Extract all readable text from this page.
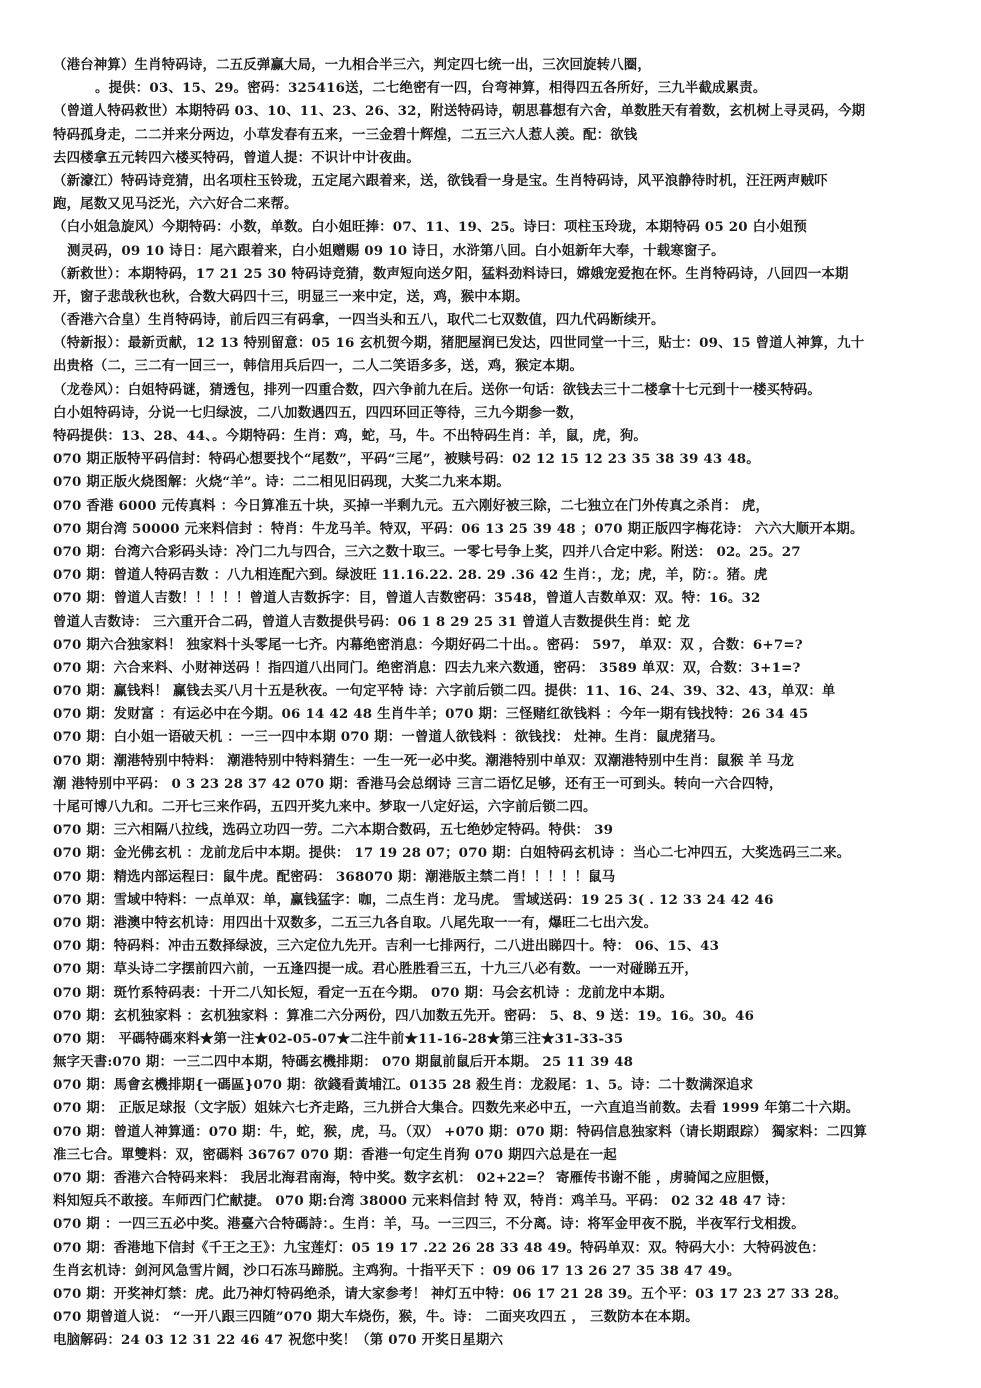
（港台神算）生肖特码诗，二五反弹赢大局，一九相合半三六，判定四七统一出，三次回旋转八圈，
。提供：03、15、29。密码：325416送，二七绝密有一四，台弯神算，相得四五各所好，三九半截成累责。
（曾道人特码救世）本期特码 03、10、11、23、26、32，附送特码诗，朝思暮想有六舍，单数胜天有着数，玄机树上寻灵码，今期
特码孤身走，二二并来分两边，小草发春有五来，一三金碧十辉煌，二五三六人惹人羡。配：欲钱
去四楼拿五元转四六楼买特码，曾道人提：不识计中计夜曲。
（新濠江）特码诗竞猜，出名项柱玉铃珑，五定尾六跟着来，送，欲钱看一身是宝。生肖特码诗，风平浪静待时机，汪汪两声贼吓
跑，尾数又见马泛光，六六好合二来帮。
（白小姐急旋风）今期特码：小数，单数。白小姐旺捧：07、11、19、25。诗曰：项柱玉玲珑，本期特码 05 20 白小姐预
测灵码，09 10 诗日：尾六跟着来，白小姐赠赐 09 10 诗日，水浒第八回。白小姐新年大奉，十载寒窗子。
（新救世）：本期特码，17 21 25 30 特码诗竞猜，数声短向送夕阳，猛料劲料诗曰，嫦娥宠爱抱在怀。生肖特码诗，八回四一本期
开，窗子悲哉秋也秋，合数大码四十三，明显三一来中定，送，鸡，猴中本期。
（香港六合皇）生肖特码诗，前后四三有码拿，一四当头和五八，取代二七双数值，四九代码断续开。
（特新报）：最新贡献，12 13 特别留意：05 16 玄机贺今期，猪肥屋润已发达，四世同堂一十三，贴士：09、15 曾道人神算，九十
出贵格（二，三二有一回三一，韩信用兵后四一，二人二笑语多多，送，鸡，猴定本期。
（龙卷风）：白姐特码谜，猜透包，排列一四重合数，四六争前九在后。送你一句话：欲钱去三十二楼拿十七元到十一楼买特码。
白小姐特码诗，分说一七归绿波，二八加数遇四五，四四环回正等待，三九今期参一数，
特码提供：13、28、44、。今期特码：生肖：鸡，蛇，马，牛。不出特码生肖：羊，鼠，虎，狗。
070 期正版特平码信封：特码心想要找个“尾数”，平码“三尾”，被赎号码：02 12 15 12 23 35 38 39 43 48。
070 期正版火烧图解：火烧“羊”。诗：二二相见旧码现，大奖二九来本期。
070 香港 6000 元传真料 ：今日算准五十块，买掉一半剩九元。五六刚好被三除，二七独立在门外传真之杀肖： 虎，
070 期台湾 50000 元来料信封 ：特肖：牛龙马羊。特双，平码：06 13 25 39 48 ；070 期正版四字梅花诗： 六六大顺开本期。
070 期：台湾六合彩码头诗：冷门二九与四合，三六之数十取三。一零七号争上奖，四并八合定中彩。附送： 02。25。27
070 期：曾道人特码吉数 ：八九相连配六到。绿波旺 11.16.22. 28. 29 .36 42 生肖：，龙；虎，羊，防：。猪。虎
070 期：曾道人吉数！！！！！曾道人吉数拆字：目，曾道人吉数密码：3548，曾道人吉数单双：双。特：16。32
曾道人吉数诗： 三六重开合二码，曾道人吉数提供号码：06 1 8 29 25 31 曾道人吉数提供生肖：蛇 龙
070 期六合独家料！ 独家料十头零尾一七齐。内幕绝密消息：今期好码二十出。。密码： 597， 单双：双 ，合数：6+7=?
070 期：六合来料、小财神送码 ！指四道八出同门。绝密消息：四去九来六数通，密码： 3589 单双：双，合数：3+1=?
070 期：赢钱料！ 赢钱去买八月十五是秋夜。一句定平特 诗：六字前后锁二四。提供：11、16、24、39、32、43，单双：单
070 期：发财富 ：有运必中在今期。06 14 42 48 生肖牛羊；070 期：三怪赌红欲钱料 ：今年一期有钱找特：26 34 45
070 期：白小姐一语破天机 ：一三一四中本期 070 期：一曾道人欲钱料 ：欲钱找： 灶神。生肖：鼠虎猪马。
070 期：潮港特别中特料： 潮港特别中特料猜生：一生一死一必中奖。潮港特别中单双：双潮港特别中生肖：鼠猴 羊 马龙
潮 港特别中平码： 0 3 23 28 37 42 070 期：香港马会总纲诗 三言二语忆足够，还有王一可到头。转向一六合四特，
十尾可博八九和。二开七三来作码，五四开奖九来中。梦取一八定好运，六字前后锁二四。
070 期：三六相隔八拉线，选码立功四一劳。二六本期合数码，五七绝妙定特码。特供： 39
070 期：金光佛玄机 ：龙前龙后中本期。提供： 17 19 28 07；070 期：白姐特码玄机诗 ：当心二七冲四五，大奖选码三二来。
070 期：精选内部运程曰：鼠牛虎。配密码： 368070 期：潮港版主禁二肖！！！！！鼠马
070 期：雪域中特料：一点单双：单，赢钱猛字：咖，二点生肖：龙马虎。 雪域送码：19 25 3( . 12 33 24 42 46
070 期：港澳中特玄机诗：用四出十双数多，二五三九各自取。八尾先取一一有，爆旺二七出六发。
070 期：特码料：冲击五数择绿波，三六定位九先开。吉利一七排两行，二八进出睇四十。特： 06、15、43
070 期：草头诗二字摆前四六前，一五逢四提一成。君心胜胜看三五，十九三八必有数。一一对碰睇五开，
070 期：斑竹系特码表：十开二八知长短，看定一五在今期。 070 期：马会玄机诗 ：龙前龙中本期。
070 期：玄机独家料 ：玄机独家料 ：算准二六分两份，四八加数五先开。密码： 5、8、9 送：19。16。30。46
070 期： 平碼特碼來料★第一注★02-05-07★二注牛前★11-16-28★第三注★31-33-35
無字天書:070 期：一三二四中本期，特碼玄機排期： 070 期鼠前鼠后开本期。 25 11 39 48
070 期：馬會玄機排期{一碼區}070 期：欲錢看黃埔江。0135 28 殺生肖：龙殺尾：1、5。诗：二十数满深追求
070 期： 正版足球报（文字版）姐妹六七齐走路，三九拼合大集合。四数先来必中五，一六直追当前数。去看 1999 年第二十六期。
070 期：曾道人神算通：070 期：牛，蛇，猴，虎，马。（双） +070 期：070 期：特码信息独家料（请长期跟踪） 獨家料：二四算
准三七合。單雙料：双，密碼料 36767 070 期：香港一句定生肖狗 070 期四六总是在一起
070 期：香港六合特码来料： 我居北海君南海，特中奖。数字玄机： 02+22=？ 寄雁传书谢不能 ，虏骑闻之应胆慑，
料知短兵不敢接。车师西门伫献捷。 070 期:台湾 38000 元来料信封 特 双，特肖：鸡羊马。平码： 02 32 48 47 诗：
070 期 ：一四三五必中奖。港臺六合特碼詩：。生肖：羊，马。一三四三，不分离。诗：将军金甲夜不脱，半夜军行戈相拨。
070 期：香港地下信封《千王之王》：九宝莲灯：05 19 17 .22 26 28 33 48 49。特码单双：双。特码大小：大特码波色：
生肖玄机诗：剑河风急雪片阔，沙口石冻马蹄脱。主鸡狗。十指平天下 ：09 06 17 13 26 27 35 38 47 49。
070 期：开奖神灯禁：虎。此乃神灯特码绝杀，请大家参考！ 神灯五中特：06 17 21 28 39。五个平：03 17 23 27 33 28。
070 期曾道人说： “一开八跟三四随”070 期大车烧伤，猴，牛。诗： 二面夹攻四五 ， 三数防本在本期。
电脑解码：24 03 12 31 22 46 47 祝您中奖！（第 070 开奖日星期六
